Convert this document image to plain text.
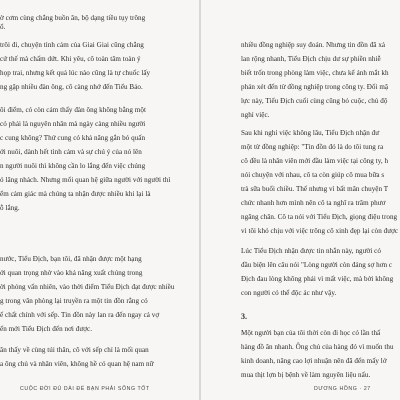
ờ cơm cùng chẳng buồn ăn, bộ dạng tiều tụy trông
ổ.
trôi đi, chuyện tình cảm của Giai Giai cũng chẳng
cứ thế mà chấm dứt. Khi yêu, cô toàn tâm toàn ý
họp trai, nhưng kết quả lúc nào cũng là tự chuốc lấy
ng gặp nhiều đàn ông, cô càng nhớ đến Tiểu Bảo.
ôi điểm, có còn cảm thấy đàn ông không bằng một
có phải là nguyên nhân mà ngày càng nhiều người
c cung không? Thứ cung có khả năng gắn bó quấn
ới nuôi, dành hết tình cảm và sự chú ý của nó lên
n người nuôi thì không cần lo lắng đến việc chúng
ó lãng nhách. Nhưng mối quan hệ giữa người với người thì
ểm cảm giác mà chúng ta nhận được nhiều khi lại là
ỗ lắng.
nước, Tiểu Địch, bạn tôi, đã nhận được một hạng
ới quan trọng nhờ vào khả năng xuất chúng trong
ời phỏng vấn nhiên, vào thời điểm Tiểu Địch đạt được nhiều
g trong văn phòng lại truyền ra một tin đồn rằng có
ế chất chính với sếp. Tin đồn này lan ra đến ngay cả vợ
ến mới Tiểu Địch đến nơi được.
ãn thấy về cùng túi thân, cô với sếp chỉ là mối quan
a ông chủ và nhân viên, không hề có quan hệ nam nữ
CUỘC ĐỜI ĐÚ DÀI ĐỂ BẠN PHẢI SỐNG TỐT
nhiều đồng nghiệp suy đoán. Nhưng tin đồn đã xả
lan rộng nhanh, Tiểu Địch chịu dư sự phiền nhiễ
biết trốn trong phòng làm việc, chưa kể ánh mắt kh
phán xét đến từ đồng nghiệp trong công ty. Đối mặ
lực này, Tiểu Địch cuối cùng cũng bỏ cuộc, chủ độ
nghỉ việc.
Sau khi nghỉ việc không lâu, Tiểu Địch nhận đư
một từ đồng nghiệp: "Tin đồn đó là do tôi tung ra
cô đều là nhân viên mới đầu làm việc tại công ty, h
nói chuyện với nhau, cô ta còn giúp cô mua bữa s
trà sữa buổi chiều. Thế nhưng vì bất mãn chuyện T
chức nhanh hơn mình nên cô ta nghĩ ra trăm phươ
ngăng chân. Cô ta nói với Tiểu Địch, giọng điệu trong
vì tôi khó chịu với việc trông cô xinh đẹp lại còn được
Lúc Tiểu Địch nhận được tin nhắn này, người có
đầu biện lên câu nói "Lòng người còn đáng sợ hơn c
Địch đau lòng không phải vì mất việc, mà bởi không
con người có thể độc ác như vậy.
Một người bạn của tôi thời còn đi học có lần thấ
hàng đồ ăn nhanh. Ông chủ của hàng đó vì muốn thu
kinh doanh, nâng cao lợi nhuận nên đã đến mấy lớ
mua thịt lợn bị bệnh về làm nguyên liệu nấu.
3.
DƯƠNG HỒNG · 27
